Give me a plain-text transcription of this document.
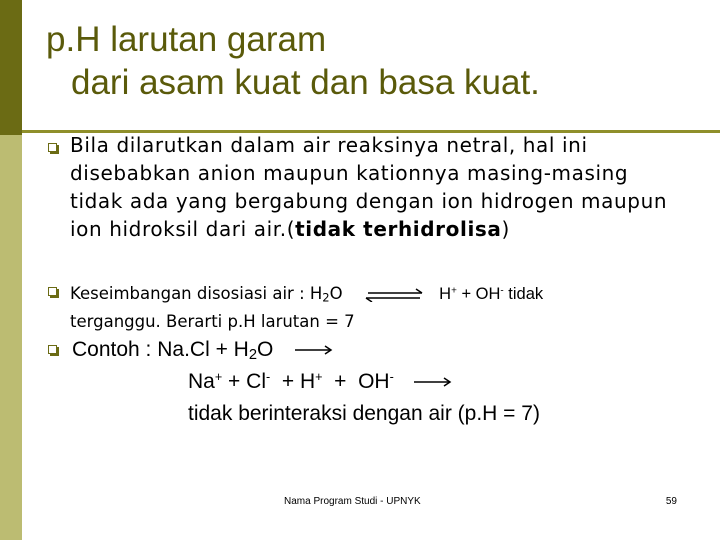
p.H larutan garam
dari asam kuat dan basa kuat.
Bila dilarutkan dalam air reaksinya netral, hal ini disebabkan anion maupun kationnya masing-masing tidak ada yang bergabung dengan ion hidrogen maupun ion hidroksil dari air.(tidak terhidrolisa)
Keseimbangan disosiasi air : $H_2O$ ⇌ H+ + OH- tidak
terganggu. Berarti p.H larutan = 7
Contoh : $Na.Cl + H_2O$ →
Na+ + Cl-  + H+  +  OH- →
tidak berinteraksi dengan air (p.H = 7)
Nama Program Studi - UPNYK	59
